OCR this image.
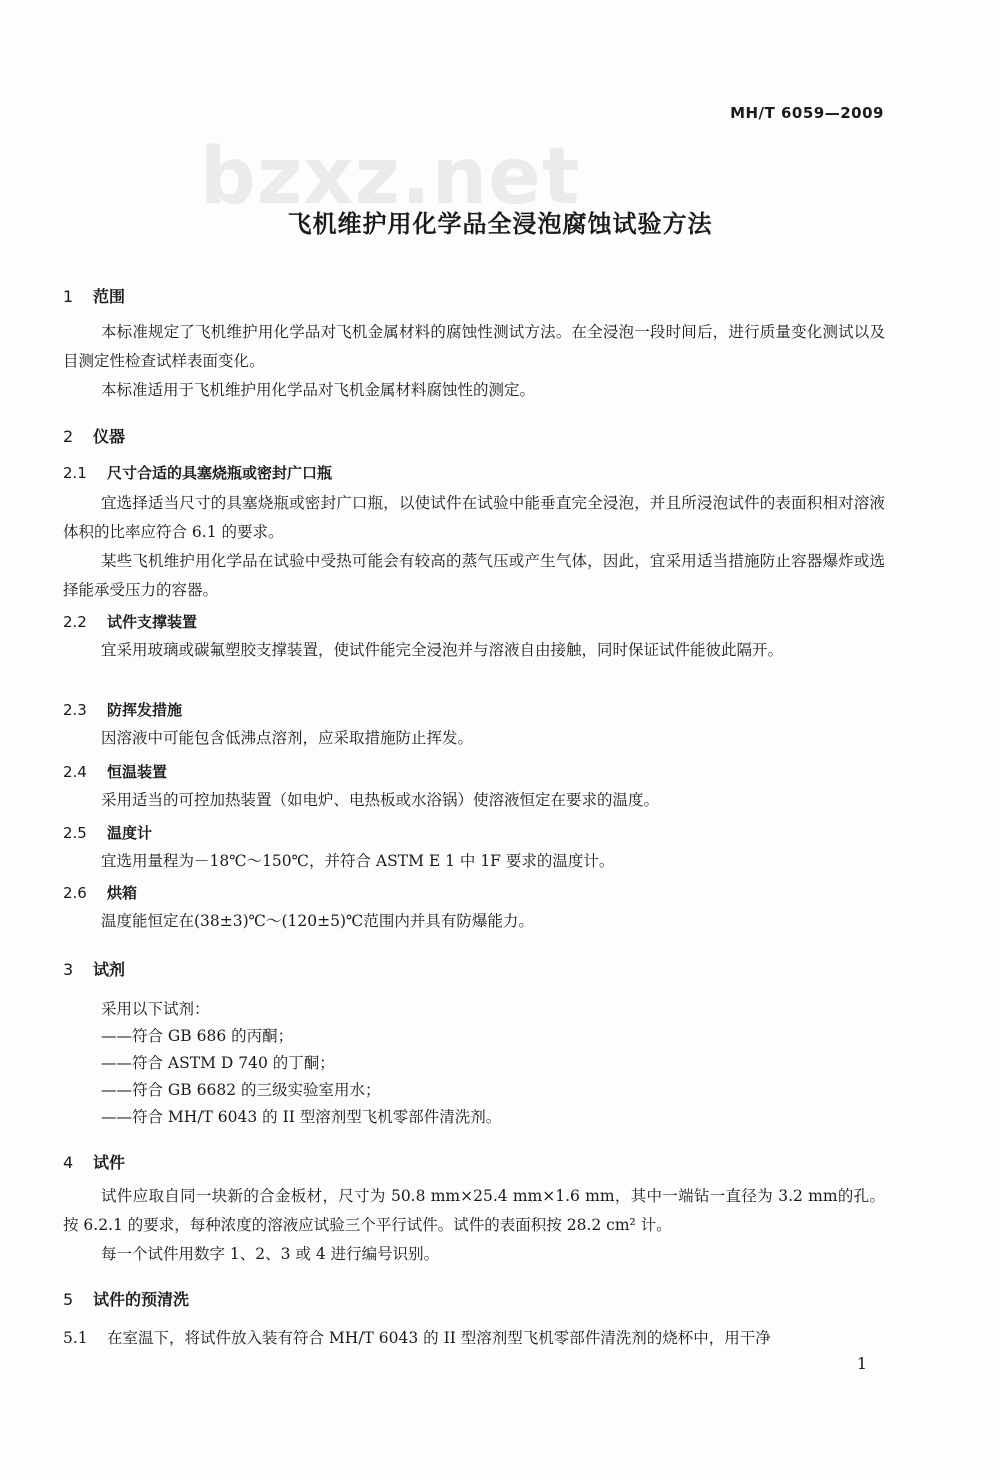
bzxz.net
MH/T 6059—2009
飞机维护用化学品全浸泡腐蚀试验方法
1 范围
本标准规定了飞机维护用化学品对飞机金属材料的腐蚀性测试方法。在全浸泡一段时间后，进行质量变化测试以及目测定性检查试样表面变化。
本标准适用于飞机维护用化学品对飞机金属材料腐蚀性的测定。
2 仪器
2.1 尺寸合适的具塞烧瓶或密封广口瓶
宜选择适当尺寸的具塞烧瓶或密封广口瓶，以使试件在试验中能垂直完全浸泡，并且所浸泡试件的表面积相对溶液体积的比率应符合 6.1 的要求。
某些飞机维护用化学品在试验中受热可能会有较高的蒸气压或产生气体，因此，宜采用适当措施防止容器爆炸或选择能承受压力的容器。
2.2 试件支撑装置
宜采用玻璃或碳氟塑胶支撑装置，使试件能完全浸泡并与溶液自由接触，同时保证试件能彼此隔开。
2.3 防挥发措施
因溶液中可能包含低沸点溶剂，应采取措施防止挥发。
2.4 恒温装置
采用适当的可控加热装置（如电炉、电热板或水浴锅）使溶液恒定在要求的温度。
2.5 温度计
宜选用量程为－18℃～150℃，并符合 ASTM E 1 中 1F 要求的温度计。
2.6 烘箱
温度能恒定在(38±3)℃～(120±5)℃范围内并具有防爆能力。
3 试剂
采用以下试剂：
——符合 GB 686 的丙酮；
——符合 ASTM D 740 的丁酮；
——符合 GB 6682 的三级实验室用水；
——符合 MH/T 6043 的 II 型溶剂型飞机零部件清洗剂。
4 试件
试件应取自同一块新的合金板材，尺寸为 50.8 mm×25.4 mm×1.6 mm，其中一端钻一直径为 3.2 mm的孔。按 6.2.1 的要求，每种浓度的溶液应试验三个平行试件。试件的表面积按 28.2 cm² 计。
每一个试件用数字 1、2、3 或 4 进行编号识别。
5 试件的预清洗
5.1 在室温下，将试件放入装有符合 MH/T 6043 的 II 型溶剂型飞机零部件清洗剂的烧杯中，用干净
1
